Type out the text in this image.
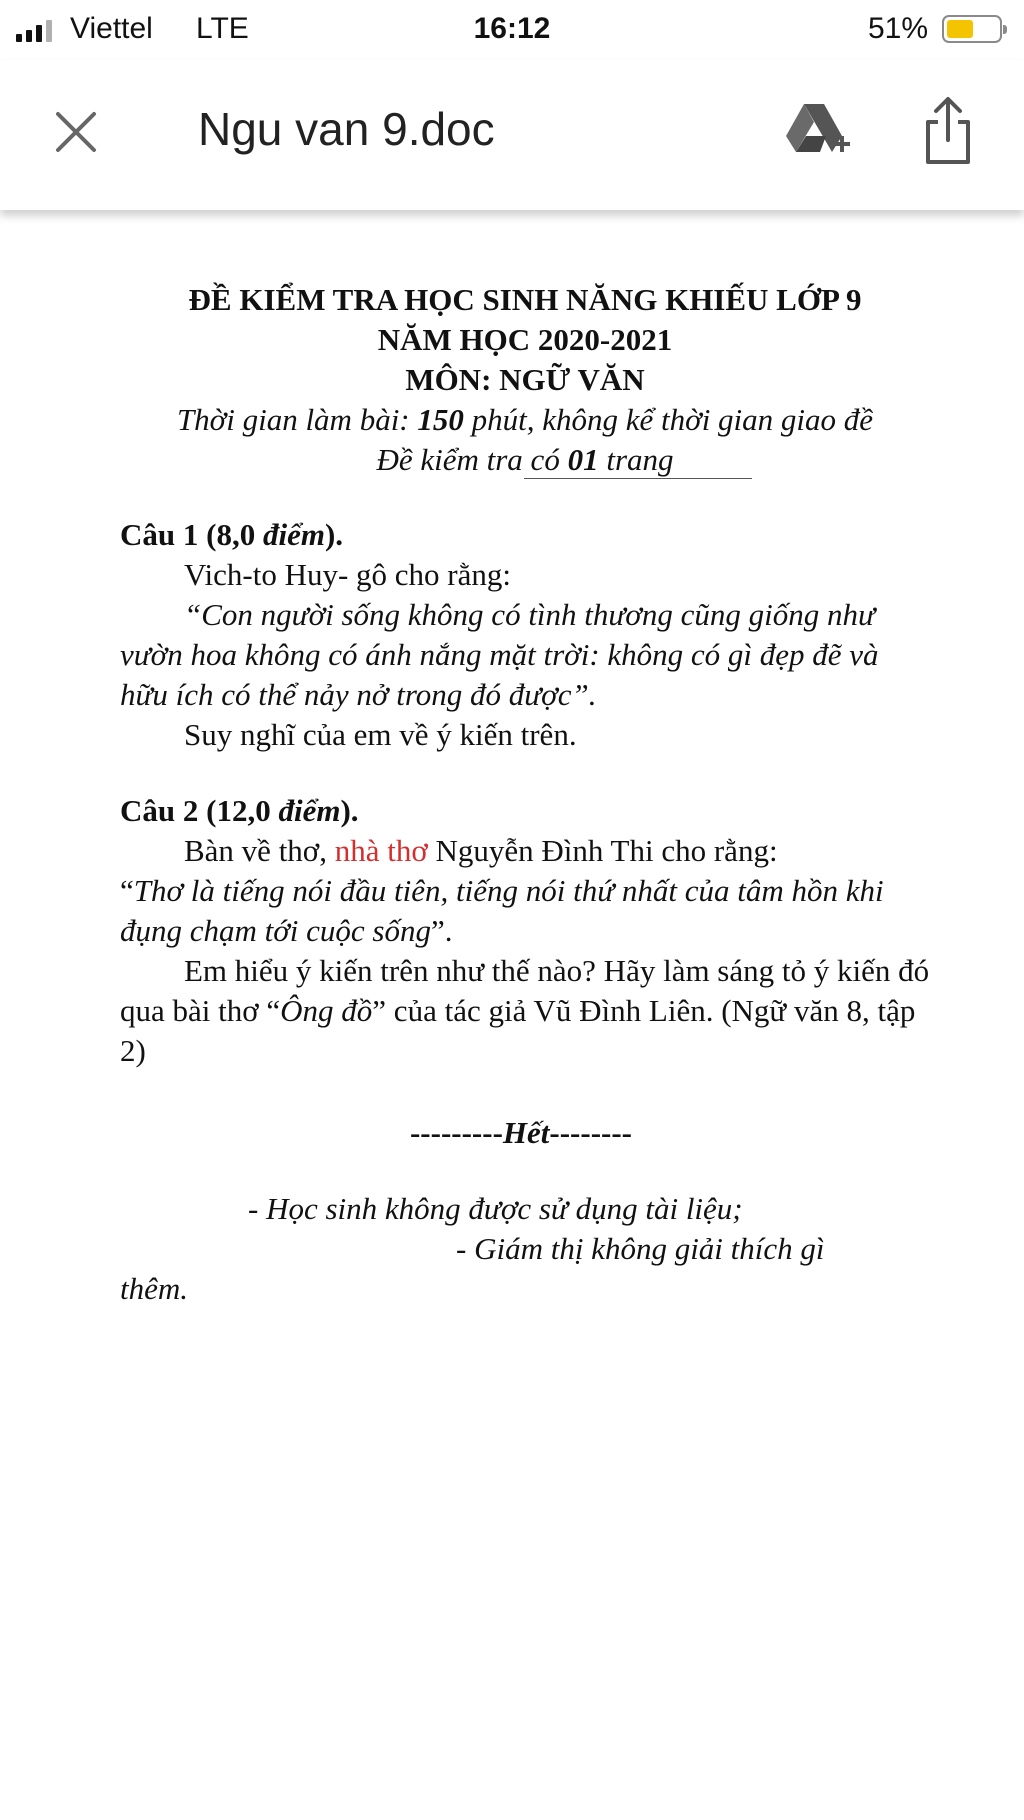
Viettel LTE	16:12	51%
Ngu van 9.doc
ĐỀ KIỂM TRA HỌC SINH NĂNG KHIẾU LỚP 9
NĂM HỌC 2020-2021
MÔN: NGỮ VĂN
Thời gian làm bài: 150 phút, không kể thời gian giao đề
Đề kiểm tra có 01 trang
Câu 1 (8,0 điểm).
Vich-to Huy- gô cho rằng:
“Con người sống không có tình thương cũng giống như vườn hoa không có ánh nắng mặt trời: không có gì đẹp đẽ và hữu ích có thể nảy nở trong đó được”.
Suy nghĩ của em về ý kiến trên.
Câu 2 (12,0 điểm).
Bàn về thơ, nhà thơ Nguyễn Đình Thi cho rằng:
“Thơ là tiếng nói đầu tiên, tiếng nói thứ nhất của tâm hồn khi đụng chạm tới cuộc sống”.
Em hiểu ý kiến trên như thế nào? Hãy làm sáng tỏ ý kiến đó qua bài thơ “Ông đồ” của tác giả Vũ Đình Liên. (Ngữ văn 8, tập 2)
---------Hết--------
- Học sinh không được sử dụng tài liệu;
- Giám thị không giải thích gì
thêm.
